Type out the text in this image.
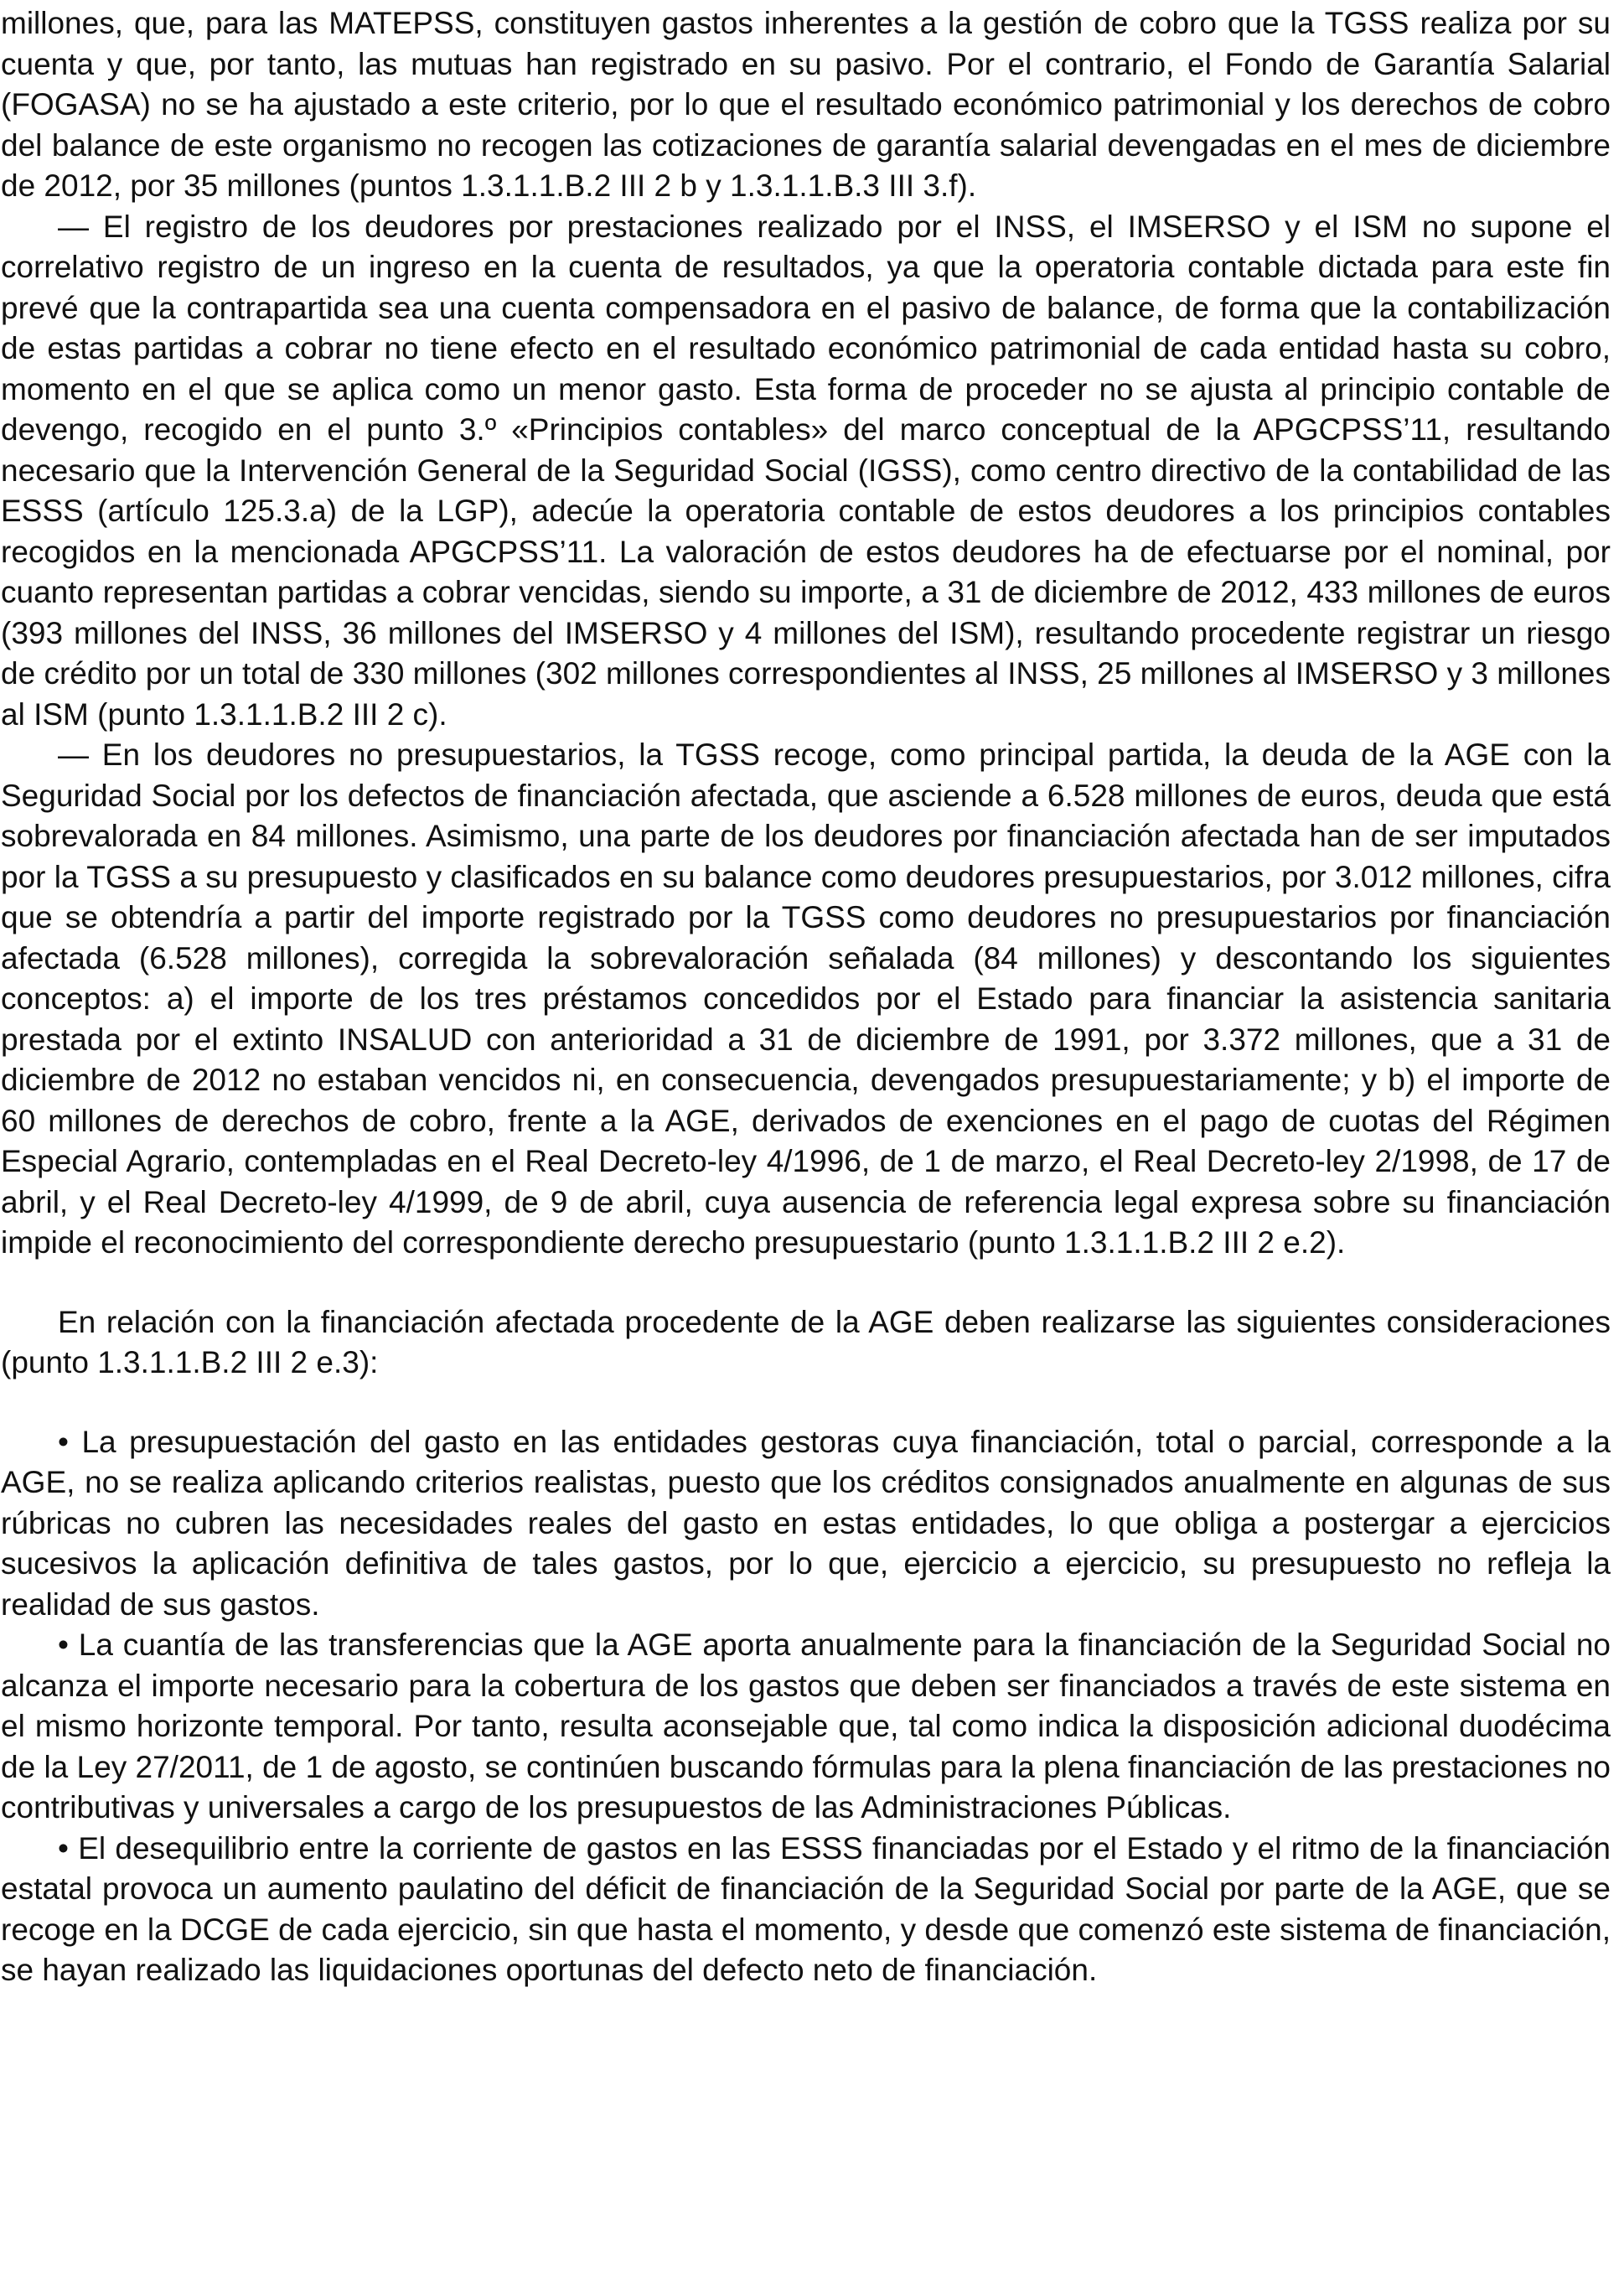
millones, que, para las MATEPSS, constituyen gastos inherentes a la gestión de cobro que la TGSS realiza por su cuenta y que, por tanto, las mutuas han registrado en su pasivo. Por el contrario, el Fondo de Garantía Salarial (FOGASA) no se ha ajustado a este criterio, por lo que el resultado económico patrimonial y los derechos de cobro del balance de este organismo no recogen las cotizaciones de garantía salarial devengadas en el mes de diciembre de 2012, por 35 millones (puntos 1.3.1.1.B.2 III 2 b y 1.3.1.1.B.3 III 3.f).

— El registro de los deudores por prestaciones realizado por el INSS, el IMSERSO y el ISM no supone el correlativo registro de un ingreso en la cuenta de resultados, ya que la operatoria contable dictada para este fin prevé que la contrapartida sea una cuenta compensadora en el pasivo de balance, de forma que la contabilización de estas partidas a cobrar no tiene efecto en el resultado económico patrimonial de cada entidad hasta su cobro, momento en el que se aplica como un menor gasto. Esta forma de proceder no se ajusta al principio contable de devengo, recogido en el punto 3.º «Principios contables» del marco conceptual de la APGCPSS’11, resultando necesario que la Intervención General de la Seguridad Social (IGSS), como centro directivo de la contabilidad de las ESSS (artículo 125.3.a) de la LGP), adecúe la operatoria contable de estos deudores a los principios contables recogidos en la mencionada APGCPSS’11. La valoración de estos deudores ha de efectuarse por el nominal, por cuanto representan partidas a cobrar vencidas, siendo su importe, a 31 de diciembre de 2012, 433 millones de euros (393 millones del INSS, 36 millones del IMSERSO y 4 millones del ISM), resultando procedente registrar un riesgo de crédito por un total de 330 millones (302 millones correspondientes al INSS, 25 millones al IMSERSO y 3 millones al ISM (punto 1.3.1.1.B.2 III 2 c).

— En los deudores no presupuestarios, la TGSS recoge, como principal partida, la deuda de la AGE con la Seguridad Social por los defectos de financiación afectada, que asciende a 6.528 millones de euros, deuda que está sobrevalorada en 84 millones. Asimismo, una parte de los deudores por financiación afectada han de ser imputados por la TGSS a su presupuesto y clasificados en su balance como deudores presupuestarios, por 3.012 millones, cifra que se obtendría a partir del importe registrado por la TGSS como deudores no presupuestarios por financiación afectada (6.528 millones), corregida la sobrevaloración señalada (84 millones) y descontando los siguientes conceptos: a) el importe de los tres préstamos concedidos por el Estado para financiar la asistencia sanitaria prestada por el extinto INSALUD con anterioridad a 31 de diciembre de 1991, por 3.372 millones, que a 31 de diciembre de 2012 no estaban vencidos ni, en consecuencia, devengados presupuestariamente; y b) el importe de 60 millones de derechos de cobro, frente a la AGE, derivados de exenciones en el pago de cuotas del Régimen Especial Agrario, contempladas en el Real Decreto-ley 4/1996, de 1 de marzo, el Real Decreto-ley 2/1998, de 17 de abril, y el Real Decreto-ley 4/1999, de 9 de abril, cuya ausencia de referencia legal expresa sobre su financiación impide el reconocimiento del correspondiente derecho presupuestario (punto 1.3.1.1.B.2 III 2 e.2).

En relación con la financiación afectada procedente de la AGE deben realizarse las siguientes consideraciones (punto 1.3.1.1.B.2 III 2 e.3):

• La presupuestación del gasto en las entidades gestoras cuya financiación, total o parcial, corresponde a la AGE, no se realiza aplicando criterios realistas, puesto que los créditos consignados anualmente en algunas de sus rúbricas no cubren las necesidades reales del gasto en estas entidades, lo que obliga a postergar a ejercicios sucesivos la aplicación definitiva de tales gastos, por lo que, ejercicio a ejercicio, su presupuesto no refleja la realidad de sus gastos.

• La cuantía de las transferencias que la AGE aporta anualmente para la financiación de la Seguridad Social no alcanza el importe necesario para la cobertura de los gastos que deben ser financiados a través de este sistema en el mismo horizonte temporal. Por tanto, resulta aconsejable que, tal como indica la disposición adicional duodécima de la Ley 27/2011, de 1 de agosto, se continúen buscando fórmulas para la plena financiación de las prestaciones no contributivas y universales a cargo de los presupuestos de las Administraciones Públicas.

• El desequilibrio entre la corriente de gastos en las ESSS financiadas por el Estado y el ritmo de la financiación estatal provoca un aumento paulatino del déficit de financiación de la Seguridad Social por parte de la AGE, que se recoge en la DCGE de cada ejercicio, sin que hasta el momento, y desde que comenzó este sistema de financiación, se hayan realizado las liquidaciones oportunas del defecto neto de financiación.
